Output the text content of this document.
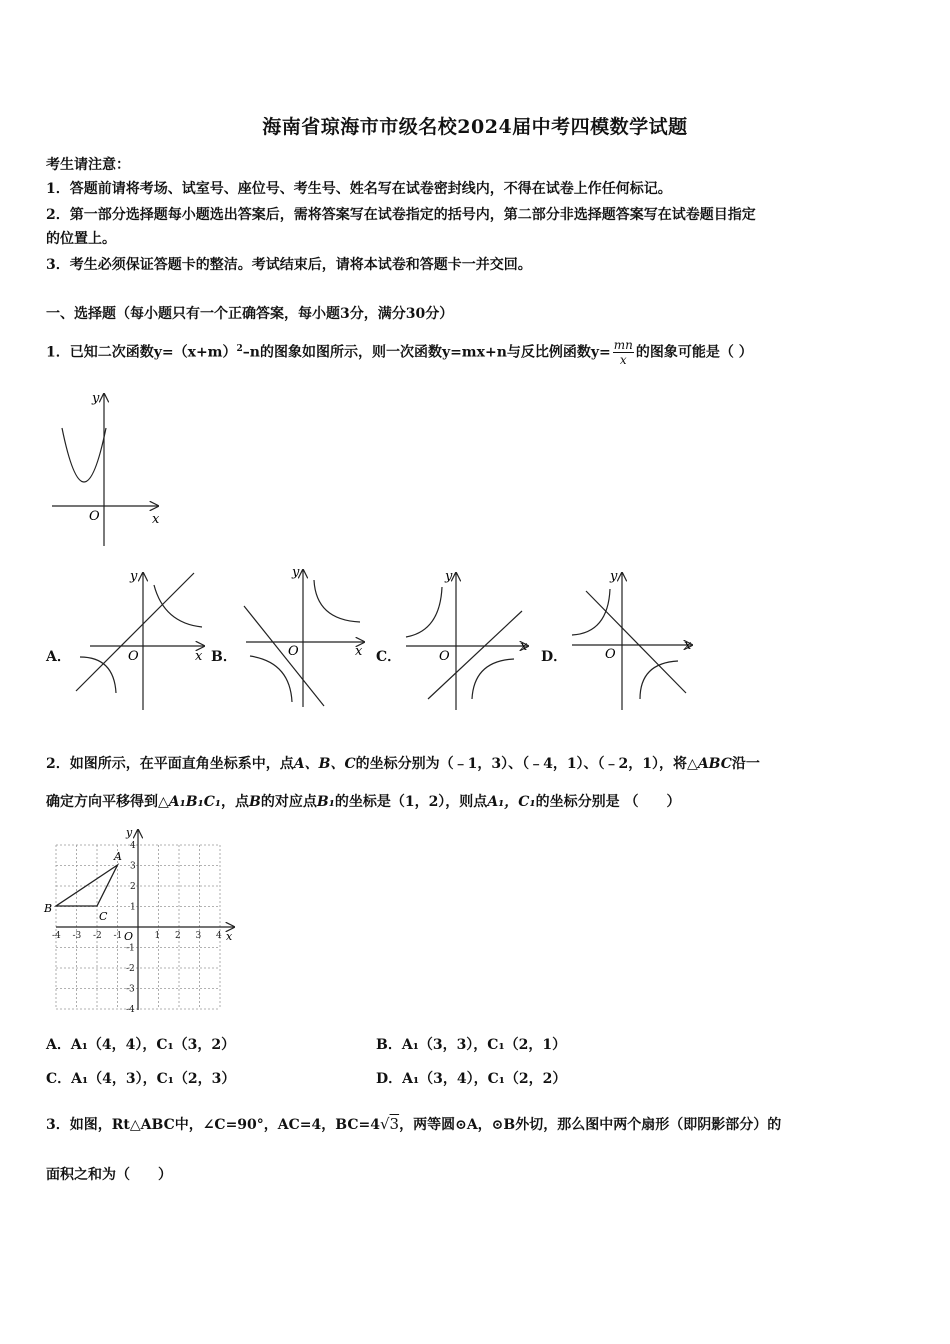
海南省琼海市市级名校2024届中考四模数学试题
考生请注意：
1．答题前请将考场、试室号、座位号、考生号、姓名写在试卷密封线内，不得在试卷上作任何标记。
2．第一部分选择题每小题选出答案后，需将答案写在试卷指定的括号内，第二部分非选择题答案写在试卷题目指定
的位置上。
3．考生必须保证答题卡的整洁。考试结束后，请将本试卷和答题卡一并交回。
一、选择题（每小题只有一个正确答案，每小题3分，满分30分）
1．已知二次函数$y=(x+m)^2-n$的图象如图所示，则一次函数y=mx+n与反比例函数$y= \frac{mn}{x}$ 的图象可能是（ ）
y
x
O
A．	B．	C．	D．
y
x
O
y
x
O
y
x
O
y
x
O
2．如图所示，在平面直角坐标系中，点A、B、C的坐标分别为（﹣1，3）、（﹣4，1）、（﹣2，1），将△ABC沿一
确定方向平移得到△A₁B₁C₁，点B的对应点B₁的坐标是（1，2），则点A₁，C₁的坐标分别是 （　　）
-4 -3 -2 -1	1 2 3 4
4
3
2
1
-1
-2
-3
-4
A
B
C
O	x
y
A．A₁（4，4），C₁（3，2）	B．A₁（3，3），C₁（2，1）
C．A₁（4，3），C₁（2，3）	D．A₁（3，4），C₁（2，2）
3．如图，Rt△ABC中，∠C=90°，AC=4，BC=4√3，两等圆⊙A，⊙B外切，那么图中两个扇形（即阴影部分）的
面积之和为（　　）
